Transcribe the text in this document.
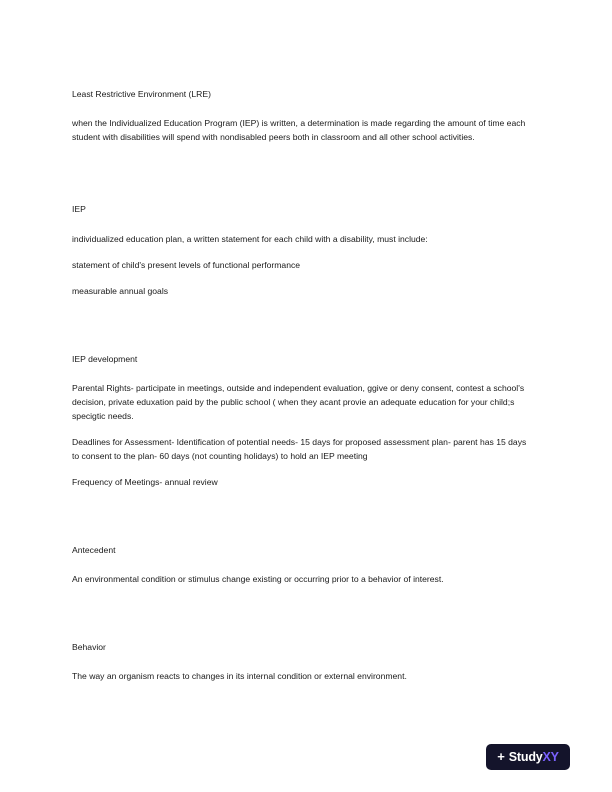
Least Restrictive Environment (LRE)

when the Individualized Education Program (IEP) is written, a determination is made regarding the amount of time each student with disabilities will spend with nondisabled peers both in classroom and all other school activities.

IEP

individualized education plan, a written statement for each child with a disability, must include:

statement of child's present levels of functional performance

measurable annual goals

IEP development

Parental Rights- participate in meetings, outside and independent evaluation, ggive or deny consent, contest a school's decision, private eduxation paid by the public school ( when they acant provie an adequate education for your child;s specigtic needs.

Deadlines for Assessment- Identification of potential needs- 15 days for proposed assessment plan- parent has 15 days to consent to the plan- 60 days (not counting holidays) to hold an IEP meeting

Frequency of Meetings- annual review

Antecedent

An environmental condition or stimulus change existing or occurring prior to a behavior of interest.

Behavior

The way an organism reacts to changes in its internal condition or external environment.

+ StudyXY
